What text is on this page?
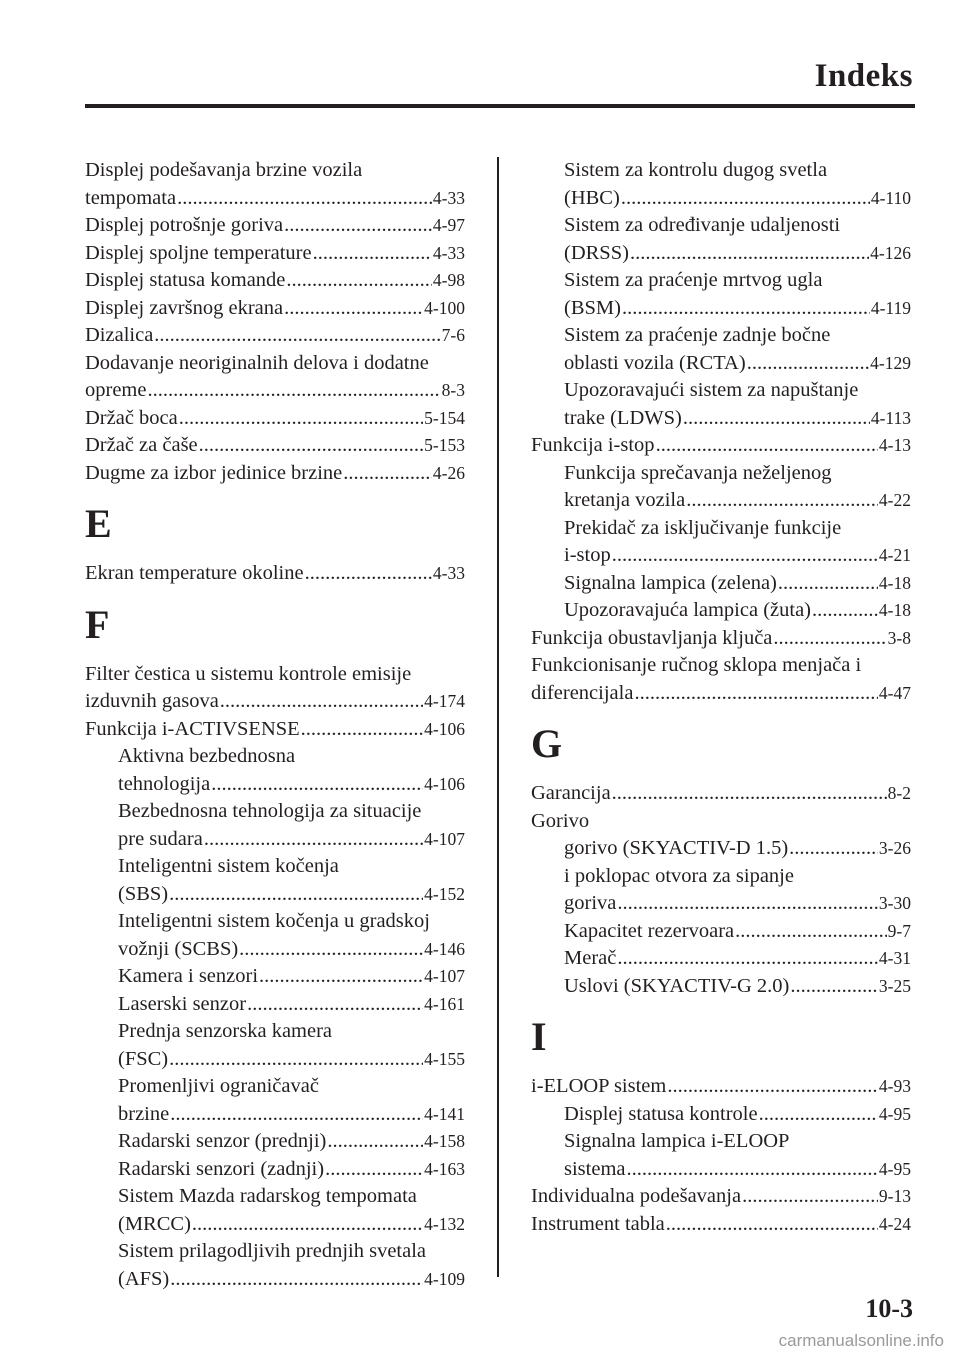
Indeks
Displej podešavanja brzine vozila
tempomata .....	4-33
Displej potrošnje goriva .....	4-97
Displej spoljne temperature .....	4-33
Displej statusa komande .....	4-98
Displej završnog ekrana .....	4-100
Dizalica .....	7-6
Dodavanje neoriginalnih delova i dodatne
opreme .....	8-3
Držač boca .....	5-154
Držač za čaše .....	5-153
Dugme za izbor jedinice brzine .....	4-26
E
Ekran temperature okoline .....	4-33
F
Filter čestica u sistemu kontrole emisije
izduvnih gasova .....	4-174
Funkcija i-ACTIVSENSE .....	4-106
Aktivna bezbednosna
tehnologija .....	4-106
Bezbednosna tehnologija za situacije
pre sudara .....	4-107
Inteligentni sistem kočenja
(SBS) .....	4-152
Inteligentni sistem kočenja u gradskoj
vožnji (SCBS) .....	4-146
Kamera i senzori .....	4-107
Laserski senzor .....	4-161
Prednja senzorska kamera
(FSC) .....	4-155
Promenljivi ograničavač
brzine .....	4-141
Radarski senzor (prednji) .....	4-158
Radarski senzori (zadnji) .....	4-163
Sistem Mazda radarskog tempomata
(MRCC) .....	4-132
Sistem prilagodljivih prednjih svetala
(AFS) .....	4-109
Sistem za kontrolu dugog svetla
(HBC) .....	4-110
Sistem za određivanje udaljenosti
(DRSS) .....	4-126
Sistem za praćenje mrtvog ugla
(BSM) .....	4-119
Sistem za praćenje zadnje bočne
oblasti vozila (RCTA) .....	4-129
Upozoravajući sistem za napuštanje
trake (LDWS) .....	4-113
Funkcija i-stop .....	4-13
Funkcija sprečavanja neželjenog
kretanja vozila .....	4-22
Prekidač za isključivanje funkcije
i-stop .....	4-21
Signalna lampica (zelena) .....	4-18
Upozoravajuća lampica (žuta) .....	4-18
Funkcija obustavljanja ključa .....	3-8
Funkcionisanje ručnog sklopa menjača i
diferencijala .....	4-47
G
Garancija .....	8-2
Gorivo
gorivo (SKYACTIV-D 1.5) .....	3-26
i poklopac otvora za sipanje
goriva .....	3-30
Kapacitet rezervoara .....	9-7
Merač .....	4-31
Uslovi (SKYACTIV-G 2.0) .....	3-25
I
i-ELOOP sistem .....	4-93
Displej statusa kontrole .....	4-95
Signalna lampica i-ELOOP
sistema .....	4-95
Individualna podešavanja .....	9-13
Instrument tabla .....	4-24
10-3
carmanualsonline.info
